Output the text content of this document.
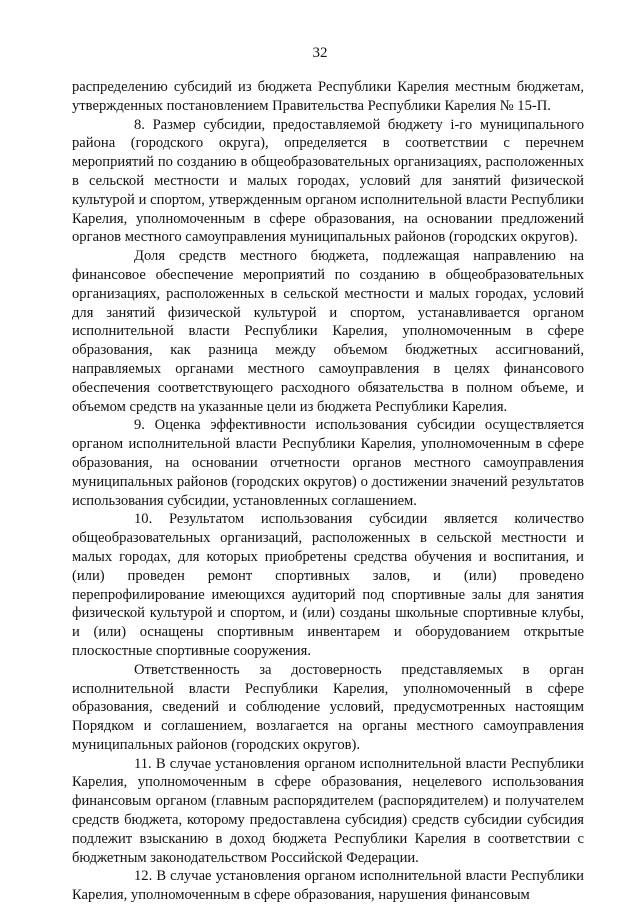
32

распределению субсидий из бюджета Республики Карелия местным бюджетам, утвержденных постановлением Правительства Республики Карелия № 15-П.

8. Размер субсидии, предоставляемой бюджету i-го муниципального района (городского округа), определяется в соответствии с перечнем мероприятий по созданию в общеобразовательных организациях, расположенных в сельской местности и малых городах, условий для занятий физической культурой и спортом, утвержденным органом исполнительной власти Республики Карелия, уполномоченным в сфере образования, на основании предложений органов местного самоуправления муниципальных районов (городских округов).

Доля средств местного бюджета, подлежащая направлению на финансовое обеспечение мероприятий по созданию в общеобразовательных организациях, расположенных в сельской местности и малых городах, условий для занятий физической культурой и спортом, устанавливается органом исполнительной власти Республики Карелия, уполномоченным в сфере образования, как разница между объемом бюджетных ассигнований, направляемых органами местного самоуправления в целях финансового обеспечения соответствующего расходного обязательства в полном объеме, и объемом средств на указанные цели из бюджета Республики Карелия.

9. Оценка эффективности использования субсидии осуществляется органом исполнительной власти Республики Карелия, уполномоченным в сфере образования, на основании отчетности органов местного самоуправления муниципальных районов (городских округов) о достижении значений результатов использования субсидии, установленных соглашением.

10. Результатом использования субсидии является количество общеобразовательных организаций, расположенных в сельской местности и малых городах, для которых приобретены средства обучения и воспитания, и (или) проведен ремонт спортивных залов, и (или) проведено перепрофилирование имеющихся аудиторий под спортивные залы для занятия физической культурой и спортом, и (или) созданы школьные спортивные клубы, и (или) оснащены спортивным инвентарем и оборудованием открытые плоскостные спортивные сооружения.

Ответственность за достоверность представляемых в орган исполнительной власти Республики Карелия, уполномоченный в сфере образования, сведений и соблюдение условий, предусмотренных настоящим Порядком и соглашением, возлагается на органы местного самоуправления муниципальных районов (городских округов).

11. В случае установления органом исполнительной власти Республики Карелия, уполномоченным в сфере образования, нецелевого использования финансовым органом (главным распорядителем (распорядителем) и получателем средств бюджета, которому предоставлена субсидия) средств субсидии субсидия подлежит взысканию в доход бюджета Республики Карелия в соответствии с бюджетным законодательством Российской Федерации.

12. В случае установления органом исполнительной власти Республики Карелия, уполномоченным в сфере образования, нарушения финансовым
